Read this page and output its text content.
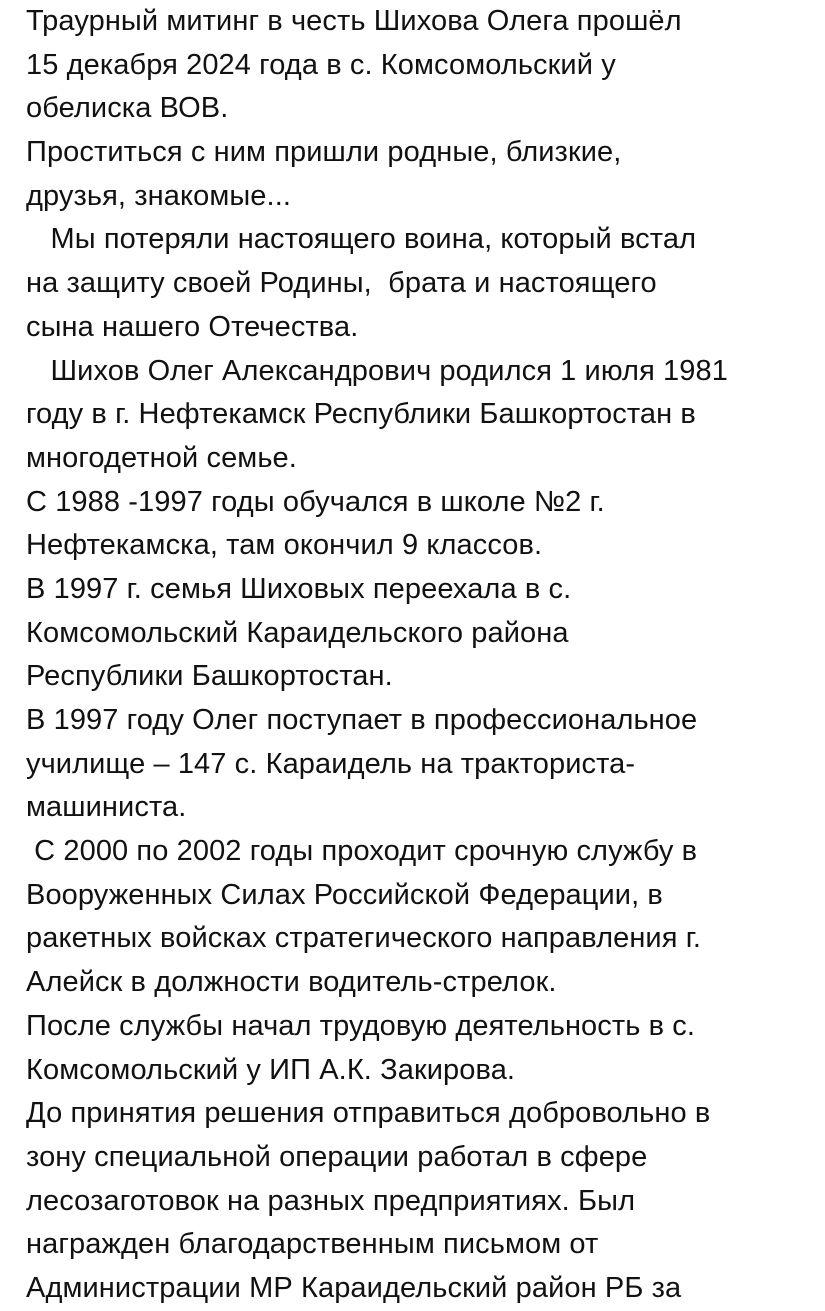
Траурный митинг в честь Шихова Олега прошёл
15 декабря 2024 года в с. Комсомольский у
обелиска ВОВ.
Проститься с ним пришли родные, близкие,
друзья, знакомые...
Мы потеряли настоящего воина, который встал
на защиту своей Родины,  брата и настоящего
сына нашего Отечества.
Шихов Олег Александрович родился 1 июля 1981
году в г. Нефтекамск Республики Башкортостан в
многодетной семье.
С 1988 -1997 годы обучался в школе №2 г.
Нефтекамска, там окончил 9 классов.
В 1997 г. семья Шиховых переехала в с.
Комсомольский Караидельского района
Республики Башкортостан.
В 1997 году Олег поступает в профессиональное
училище – 147 с. Караидель на тракториста-
машиниста.
С 2000 по 2002 годы проходит срочную службу в
Вооруженных Силах Российской Федерации, в
ракетных войсках стратегического направления г.
Алейск в должности водитель-стрелок.
После службы начал трудовую деятельность в с.
Комсомольский у ИП А.К. Закирова.
До принятия решения отправиться добровольно в
зону специальной операции работал в сфере
лесозаготовок на разных предприятиях. Был
награжден благодарственным письмом от
Администрации МР Караидельский район РБ за
